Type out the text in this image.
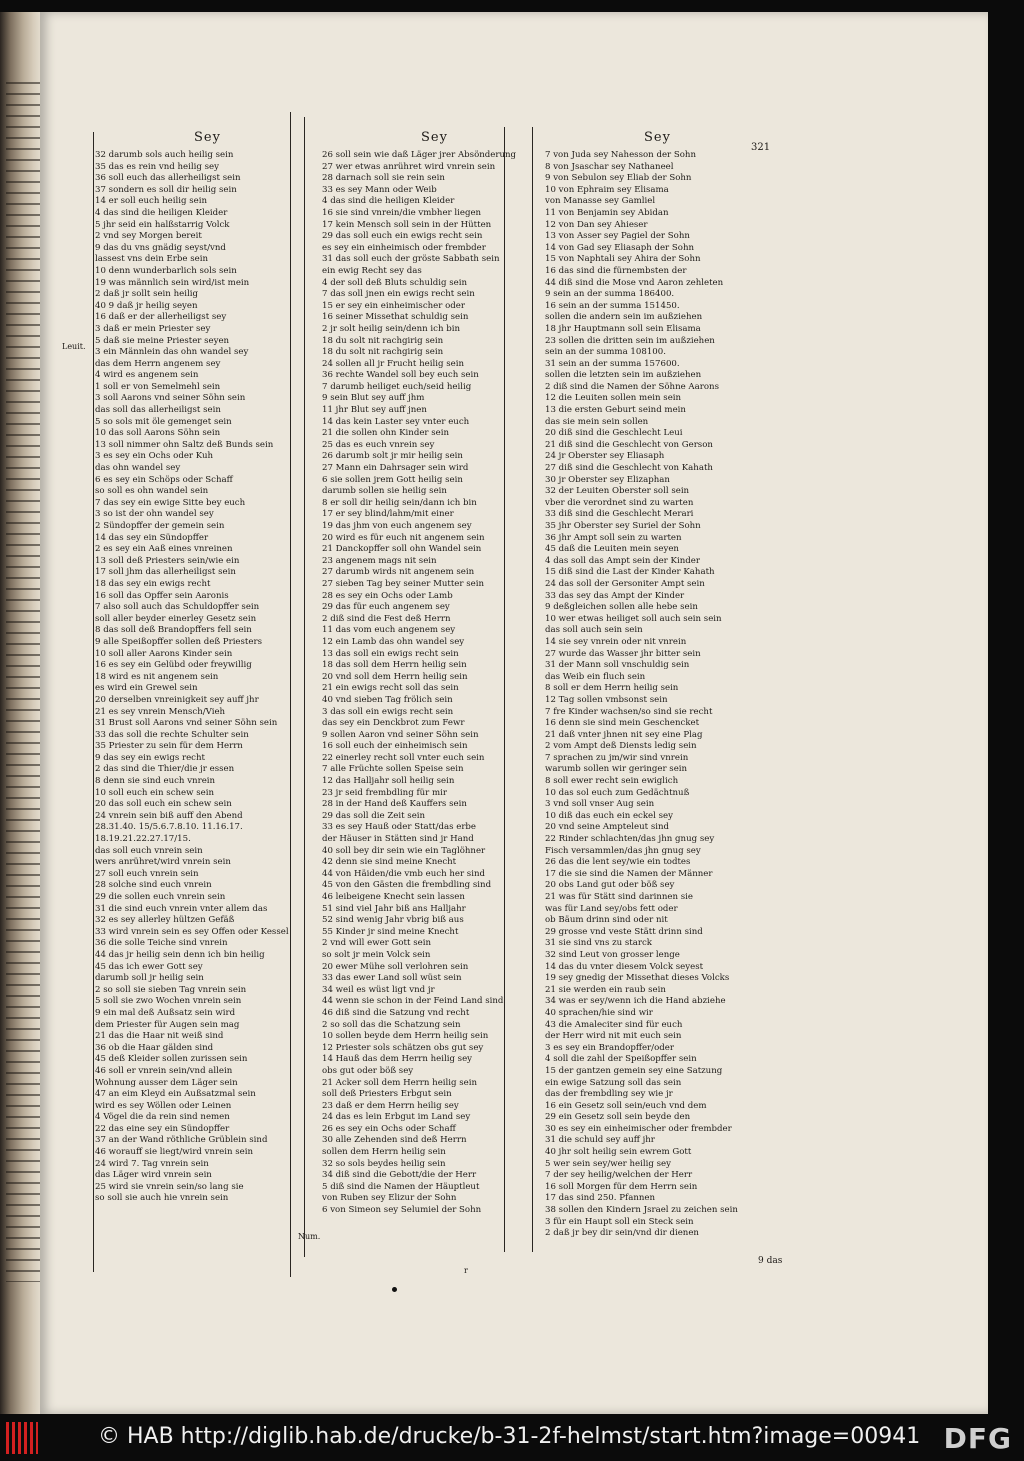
Leuit.
Num.
321
Sey
32 darumb sols auch heilig sein
35 das es rein vnd heilig sey
36 soll euch das allerheiligst sein
37 sondern es soll dir heilig sein
14 er soll euch heilig sein
4 das sind die heiligen Kleider
5 jhr seid ein halßstarrig Volck
2 vnd sey Morgen bereit
9 das du vns gnädig seyst/vnd
lassest vns dein Erbe sein
10 denn wunderbarlich sols sein
19 was männlich sein wird/ist mein
2 daß jr sollt sein heilig
40 9 daß jr heilig seyen
16 daß er der allerheiligst sey
3 daß er mein Priester sey
5 daß sie meine Priester seyen
3 ein Männlein das ohn wandel sey
das dem Herrn angenem sey
4 wird es angenem sein
1 soll er von Semelmehl sein
3 soll Aarons vnd seiner Söhn sein
das soll das allerheiligst sein
5 so sols mit öle gemenget sein
10 das soll Aarons Söhn sein
13 soll nimmer ohn Saltz deß Bunds sein
3 es sey ein Ochs oder Kuh
das ohn wandel sey
6 es sey ein Schöps oder Schaff
so soll es ohn wandel sein
7 das sey ein ewige Sitte bey euch
3 so ist der ohn wandel sey
2 Sündopffer der gemein sein
14 das sey ein Sündopffer
2 es sey ein Aaß eines vnreinen
13 soll deß Priesters sein/wie ein
17 soll jhm das allerheiligst sein
18 das sey ein ewigs recht
16 soll das Opffer sein Aaronis
7 also soll auch das Schuldopffer sein
soll aller beyder einerley Gesetz sein
8 das soll deß Brandopffers fell sein
9 alle Speißopffer sollen deß Priesters
10 soll aller Aarons Kinder sein
16 es sey ein Gelübd oder freywillig
18 wird es nit angenem sein
es wird ein Grewel sein
20 derselben vnreinigkeit sey auff jhr
21 es sey vnrein Mensch/Vieh
31 Brust soll Aarons vnd seiner Söhn sein
33 das soll die rechte Schulter sein
35 Priester zu sein für dem Herrn
9 das sey ein ewigs recht
2 das sind die Thier/die jr essen
8 denn sie sind euch vnrein
10 soll euch ein schew sein
20 das soll euch ein schew sein
24 vnrein sein biß auff den Abend
28.31.40. 15/5.6.7.8.10. 11.16.17.
18.19.21.22.27.17/15.
das soll euch vnrein sein
wers anrühret/wird vnrein sein
27 soll euch vnrein sein
28 solche sind euch vnrein
29 die sollen euch vnrein sein
31 die sind euch vnrein vnter allem das
32 es sey allerley hültzen Gefäß
33 wird vnrein sein es sey Offen oder Kessel
36 die solle Teiche sind vnrein
44 das jr heilig sein denn ich bin heilig
45 das ich ewer Gott sey
darumb soll jr heilig sein
2 so soll sie sieben Tag vnrein sein
5 soll sie zwo Wochen vnrein sein
9 ein mal deß Außsatz sein wird
dem Priester für Augen sein mag
21 das die Haar nit weiß sind
36 ob die Haar gälden sind
45 deß Kleider sollen zurissen sein
46 soll er vnrein sein/vnd allein
Wohnung ausser dem Läger sein
47 an eim Kleyd ein Außsatzmal sein
wird es sey Wöllen oder Leinen
4 Vögel die da rein sind nemen
22 das eine sey ein Sündopffer
37 an der Wand röthliche Grüblein sind
46 worauff sie liegt/wird vnrein sein
24 wird 7. Tag vnrein sein
das Läger wird vnrein sein
25 wird sie vnrein sein/so lang sie
so soll sie auch hie vnrein sein
Sey
26 soll sein wie daß Läger jrer Absönderung
27 wer etwas anrühret wird vnrein sein
28 darnach soll sie rein sein
33 es sey Mann oder Weib
4 das sind die heiligen Kleider
16 sie sind vnrein/die vmbher liegen
17 kein Mensch soll sein in der Hütten
29 das soll euch ein ewigs recht sein
es sey ein einheimisch oder frembder
31 das soll euch der gröste Sabbath sein
ein ewig Recht sey das
4 der soll deß Bluts schuldig sein
7 das soll jnen ein ewigs recht sein
15 er sey ein einheimischer oder
16 seiner Missethat schuldig sein
2 jr solt heilig sein/denn ich bin
18 du solt nit rachgirig sein
18 du solt nit rachgirig sein
24 sollen all jr Frucht heilig sein
36 rechte Wandel soll bey euch sein
7 darumb heiliget euch/seid heilig
9 sein Blut sey auff jhm
11 jhr Blut sey auff jnen
14 das kein Laster sey vnter euch
21 die sollen ohn Kinder sein
25 das es euch vnrein sey
26 darumb solt jr mir heilig sein
27 Mann ein Dahrsager sein wird
6 sie sollen jrem Gott heilig sein
darumb sollen sie heilig sein
8 er soll dir heilig sein/dann ich bin
17 er sey blind/lahm/mit einer
19 das jhm von euch angenem sey
20 wird es für euch nit angenem sein
21 Danckopffer soll ohn Wandel sein
23 angenem mags nit sein
27 darumb wirds nit angenem sein
27 sieben Tag bey seiner Mutter sein
28 es sey ein Ochs oder Lamb
29 das für euch angenem sey
2 diß sind die Fest deß Herrn
11 das vom euch angenem sey
12 ein Lamb das ohn wandel sey
13 das soll ein ewigs recht sein
18 das soll dem Herrn heilig sein
20 vnd soll dem Herrn heilig sein
21 ein ewigs recht soll das sein
40 vnd sieben Tag frölich sein
3 das soll ein ewigs recht sein
das sey ein Denckbrot zum Fewr
9 sollen Aaron vnd seiner Söhn sein
16 soll euch der einheimisch sein
22 einerley recht soll vnter euch sein
7 alle Früchte sollen Speise sein
12 das Halljahr soll heilig sein
23 jr seid frembdling für mir
28 in der Hand deß Kauffers sein
29 das soll die Zeit sein
33 es sey Hauß oder Statt/das erbe
der Häuser in Stätten sind jr Hand
40 soll bey dir sein wie ein Taglöhner
42 denn sie sind meine Knecht
44 von Häiden/die vmb euch her sind
45 von den Gästen die frembdling sind
46 leibeigene Knecht sein lassen
51 sind viel Jahr biß ans Halljahr
52 sind wenig Jahr vbrig biß aus
55 Kinder jr sind meine Knecht
2 vnd will ewer Gott sein
so solt jr mein Volck sein
20 ewer Mühe soll verlohren sein
33 das ewer Land soll wüst sein
34 weil es wüst ligt vnd jr
44 wenn sie schon in der Feind Land sind
46 diß sind die Satzung vnd recht
2 so soll das die Schatzung sein
10 sollen beyde dem Herrn heilig sein
12 Priester sols schätzen obs gut sey
14 Hauß das dem Herrn heilig sey
obs gut oder böß sey
21 Acker soll dem Herrn heilig sein
soll deß Priesters Erbgut sein
23 daß er dem Herrn heilig sey
24 das es lein Erbgut im Land sey
26 es sey ein Ochs oder Schaff
30 alle Zehenden sind deß Herrn
sollen dem Herrn heilig sein
32 so sols beydes heilig sein
34 diß sind die Gebott/die der Herr
5 diß sind die Namen der Häuptleut
von Ruben sey Elizur der Sohn
6 von Simeon sey Selumiel der Sohn
Sey
7 von Juda sey Nahesson der Sohn
8 von Jsaschar sey Nathaneel
9 von Sebulon sey Eliab der Sohn
10 von Ephraim sey Elisama
von Manasse sey Gamliel
11 von Benjamin sey Abidan
12 von Dan sey Ahieser
13 von Asser sey Pagiel der Sohn
14 von Gad sey Eliasaph der Sohn
15 von Naphtali sey Ahira der Sohn
16 das sind die fürnembsten der
44 diß sind die Mose vnd Aaron zehleten
9 sein an der summa 186400.
16 sein an der summa 151450.
sollen die andern sein im außziehen
18 jhr Hauptmann soll sein Elisama
23 sollen die dritten sein im außziehen
sein an der summa 108100.
31 sein an der summa 157600.
sollen die letzten sein im außziehen
2 diß sind die Namen der Söhne Aarons
12 die Leuiten sollen mein sein
13 die ersten Geburt seind mein
das sie mein sein sollen
20 diß sind die Geschlecht Leui
21 diß sind die Geschlecht von Gerson
24 jr Oberster sey Eliasaph
27 diß sind die Geschlecht von Kahath
30 jr Oberster sey Elizaphan
32 der Leuiten Oberster soll sein
vber die verordnet sind zu warten
33 diß sind die Geschlecht Merari
35 jhr Oberster sey Suriel der Sohn
36 jhr Ampt soll sein zu warten
45 daß die Leuiten mein seyen
4 das soll das Ampt sein der Kinder
15 diß sind die Last der Kinder Kahath
24 das soll der Gersoniter Ampt sein
33 das sey das Ampt der Kinder
9 deßgleichen sollen alle hebe sein
10 wer etwas heiliget soll auch sein sein
das soll auch sein sein
14 sie sey vnrein oder nit vnrein
27 wurde das Wasser jhr bitter sein
31 der Mann soll vnschuldig sein
das Weib ein fluch sein
8 soll er dem Herrn heilig sein
12 Tag sollen vmbsonst sein
7 fre Kinder wachsen/so sind sie recht
16 denn sie sind mein Geschencket
21 daß vnter jhnen nit sey eine Plag
2 vom Ampt deß Diensts ledig sein
7 sprachen zu jm/wir sind vnrein
warumb sollen wir geringer sein
8 soll ewer recht sein ewiglich
10 das sol euch zum Gedächtnuß
3 vnd soll vnser Aug sein
10 diß das euch ein eckel sey
20 vnd seine Ampteleut sind
22 Rinder schlachten/das jhn gnug sey
Fisch versammlen/das jhn gnug sey
26 das die lent sey/wie ein todtes
17 die sie sind die Namen der Männer
20 obs Land gut oder böß sey
21 was für Stätt sind darinnen sie
was für Land sey/obs fett oder
ob Bäum drinn sind oder nit
29 grosse vnd veste Stätt drinn sind
31 sie sind vns zu starck
32 sind Leut von grosser lenge
14 das du vnter diesem Volck seyest
19 sey gnedig der Missethat dieses Volcks
21 sie werden ein raub sein
34 was er sey/wenn ich die Hand abziehe
40 sprachen/hie sind wir
43 die Amaleciter sind für euch
der Herr wird nit mit euch sein
3 es sey ein Brandopffer/oder
4 soll die zahl der Speißopffer sein
15 der gantzen gemein sey eine Satzung
ein ewige Satzung soll das sein
das der frembdling sey wie jr
16 ein Gesetz soll sein/euch vnd dem
29 ein Gesetz soll sein beyde den
30 es sey ein einheimischer oder frembder
31 die schuld sey auff jhr
40 jhr solt heilig sein ewrem Gott
5 wer sein sey/wer heilig sey
7 der sey heilig/welchen der Herr
16 soll Morgen für dem Herrn sein
17 das sind 250. Pfannen
38 sollen den Kindern Jsrael zu zeichen sein
3 für ein Haupt soll ein Steck sein
2 daß jr bey dir sein/vnd dir dienen
r
9 das
© HAB http://diglib.hab.de/drucke/b-31-2f-helmst/start.htm?image=00941 DFG
